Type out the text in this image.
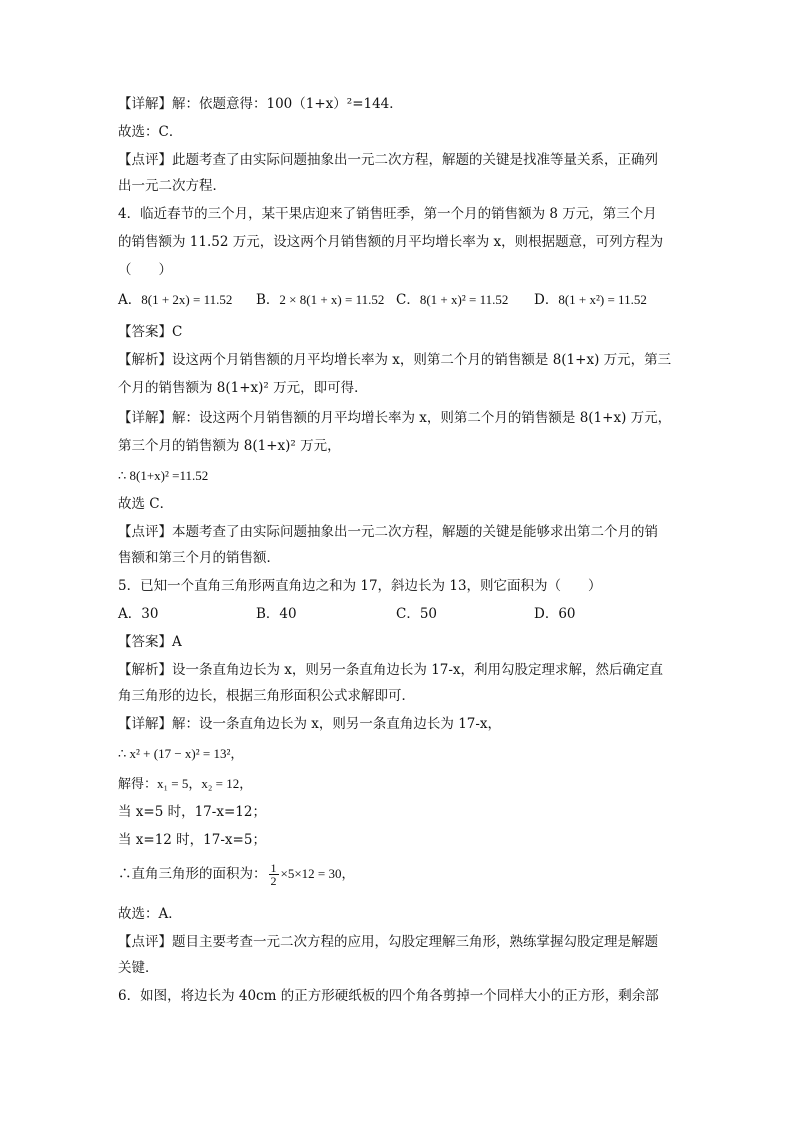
【详解】解：依题意得：100（1+x）²=144．
故选：C．
【点评】此题考查了由实际问题抽象出一元二次方程，解题的关键是找准等量关系，正确列
出一元二次方程．
4．临近春节的三个月，某干果店迎来了销售旺季，第一个月的销售额为 8 万元，第三个月
的销售额为 11.52 万元，设这两个月销售额的月平均增长率为 x，则根据题意，可列方程为
（　　）
A．8(1 + 2x) = 11.52 B．2 × 8(1 + x) = 11.52 C．8(1 + x)² = 11.52 D．8(1 + x²) = 11.52
【答案】C
【解析】设这两个月销售额的月平均增长率为 x，则第二个月的销售额是 8(1+x) 万元，第三
个月的销售额为 8(1+x)² 万元，即可得．
【详解】解：设这两个月销售额的月平均增长率为 x，则第二个月的销售额是 8(1+x) 万元，
第三个月的销售额为 8(1+x)² 万元，
∴ 8(1+x)² =11.52
故选 C．
【点评】本题考查了由实际问题抽象出一元二次方程，解题的关键是能够求出第二个月的销
售额和第三个月的销售额．
5．已知一个直角三角形两直角边之和为 17，斜边长为 13，则它面积为（　　）
A．30	B．40	C．50	D．60
【答案】A
【解析】设一条直角边长为 x，则另一条直角边长为 17-x，利用勾股定理求解，然后确定直
角三角形的边长，根据三角形面积公式求解即可．
【详解】解：设一条直角边长为 x，则另一条直角边长为 17-x，
∴ x² + (17 − x)² = 13²，
解得：x₁ = 5，x₂ = 12，
当 x=5 时，17-x=12；
当 x=12 时，17-x=5；
∴直角三角形的面积为： $\frac{1}{2} \times 5\times 12 = 30$，
故选：A．
【点评】题目主要考查一元二次方程的应用，勾股定理解三角形，熟练掌握勾股定理是解题
关键．
6．如图，将边长为 40cm 的正方形硬纸板的四个角各剪掉一个同样大小的正方形，剩余部
